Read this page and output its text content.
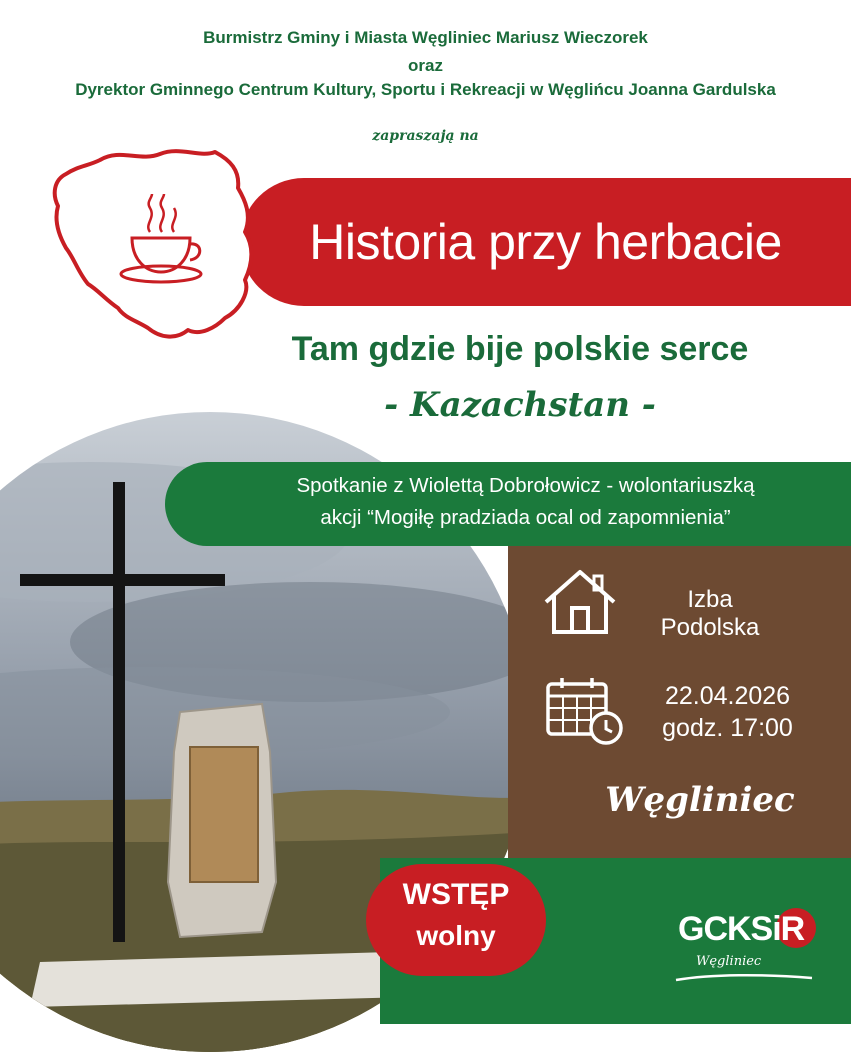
Burmistrz Gminy i Miasta Węgliniec Mariusz Wieczorek
oraz
Dyrektor Gminnego Centrum Kultury, Sportu i Rekreacji w Węglińcu Joanna Gardulska
zapraszają na
Historia przy herbacie
Tam gdzie bije polskie serce
- Kazachstan -
Spotkanie z Wiolettą Dobrołowicz - wolontariuszką
akcji “Mogiłę pradziada ocal od zapomnienia”
Izba
Podolska
22.04.2026
godz. 17:00
Węgliniec
WSTĘP
wolny	GCKSiR
Węgliniec
